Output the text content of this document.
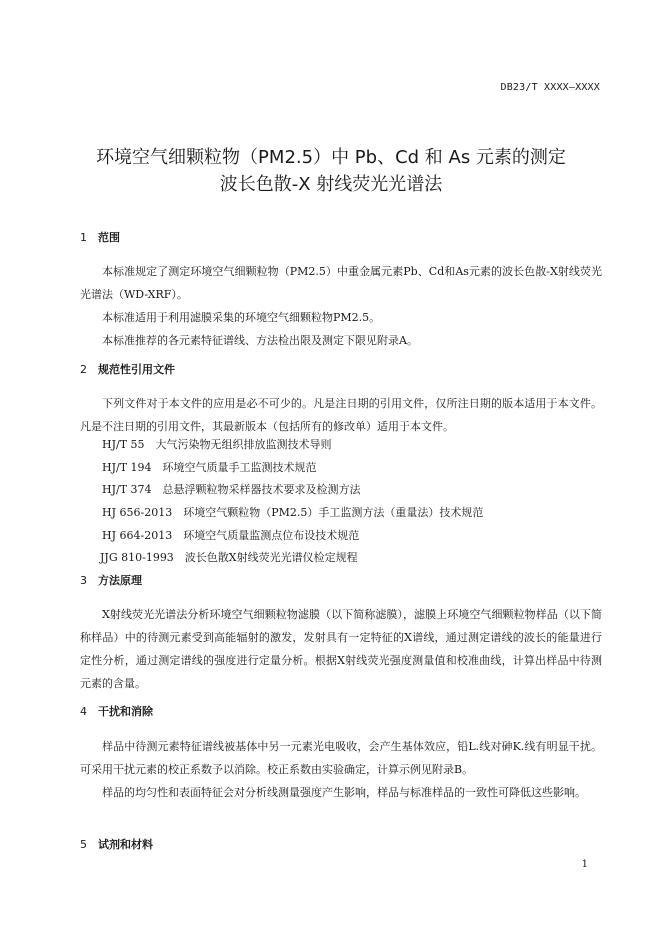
DB23/T XXXX—XXXX
环境空气细颗粒物（PM2.5）中 Pb、Cd 和 As 元素的测定
波长色散-X 射线荧光光谱法
1 范围
本标准规定了测定环境空气细颗粒物（PM2.5）中重金属元素Pb、Cd和As元素的波长色散-X射线荧光光谱法（WD-XRF）。
本标准适用于利用滤膜采集的环境空气细颗粒物PM2.5。
本标准推荐的各元素特征谱线、方法检出限及测定下限见附录A。
2 规范性引用文件
下列文件对于本文件的应用是必不可少的。凡是注日期的引用文件，仅所注日期的版本适用于本文件。凡是不注日期的引用文件，其最新版本（包括所有的修改单）适用于本文件。
HJ/T 55　大气污染物无组织排放监测技术导则
HJ/T 194　环境空气质量手工监测技术规范
HJ/T 374　总悬浮颗粒物采样器技术要求及检测方法
HJ 656-2013　环境空气颗粒物（PM2.5）手工监测方法（重量法）技术规范
HJ 664-2013　环境空气质量监测点位布设技术规范
JJG 810-1993　波长色散X射线荧光光谱仪检定规程
3 方法原理
X射线荧光光谱法分析环境空气细颗粒物滤膜（以下简称滤膜），滤膜上环境空气细颗粒物样品（以下简称样品）中的待测元素受到高能辐射的激发，发射具有一定特征的X谱线，通过测定谱线的波长的能量进行定性分析，通过测定谱线的强度进行定量分析。根据X射线荧光强度测量值和校准曲线，计算出样品中待测元素的含量。
4 干扰和消除
样品中待测元素特征谱线被基体中另一元素光电吸收，会产生基体效应，铅L.线对砷K.线有明显干扰。可采用干扰元素的校正系数予以消除。校正系数由实验确定，计算示例见附录B。
样品的均匀性和表面特征会对分析线测量强度产生影响，样品与标准样品的一致性可降低这些影响。
5 试剂和材料
1
